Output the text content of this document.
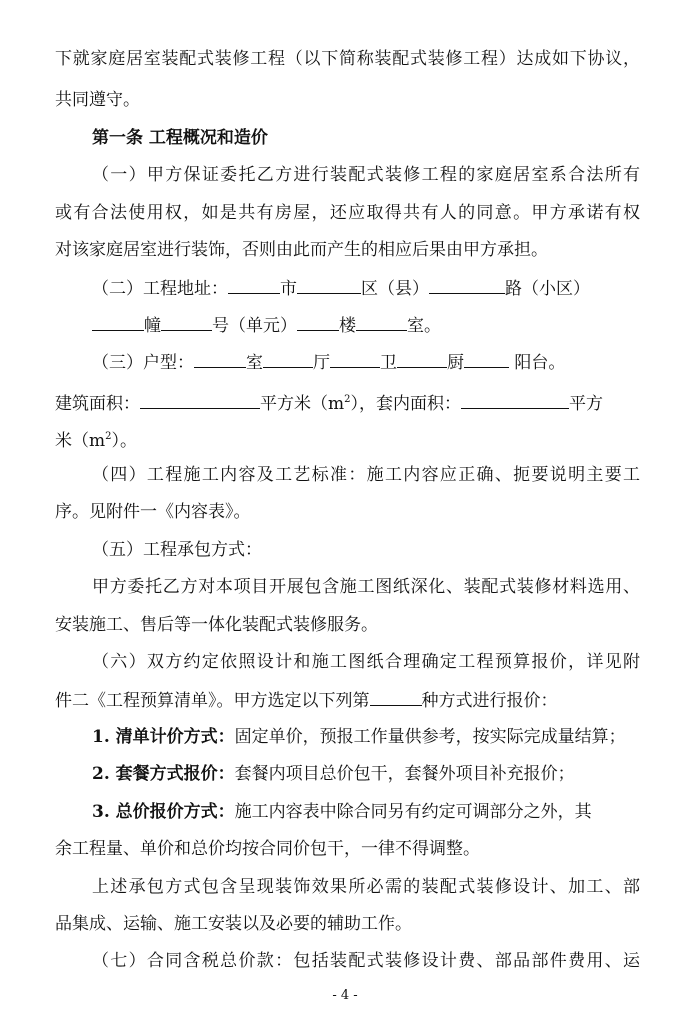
下就家庭居室装配式装修工程（以下简称装配式装修工程）达成如下协议，
共同遵守。
第一条 工程概况和造价
（一）甲方保证委托乙方进行装配式装修工程的家庭居室系合法所有
或有合法使用权，如是共有房屋，还应取得共有人的同意。甲方承诺有权
对该家庭居室进行装饰，否则由此而产生的相应后果由甲方承担。
（二）工程地址：	市	区（县）	路（小区）
幢	号（单元） 楼	室。
（三）户型：	室	厅	卫	厨	阳台。
建筑面积：	平方米$(m^2)$，套内面积：	平方
米$(m^2)$。
（四）工程施工内容及工艺标准：施工内容应正确、扼要说明主要工
序。见附件一《内容表》。
（五）工程承包方式：
甲方委托乙方对本项目开展包含施工图纸深化、装配式装修材料选用、
安装施工、售后等一体化装配式装修服务。
（六）双方约定依照设计和施工图纸合理确定工程预算报价，详见附
件二《工程预算清单》。甲方选定以下列第	种方式进行报价：
1. 清单计价方式：固定单价，预报工作量供参考，按实际完成量结算；
2. 套餐方式报价：套餐内项目总价包干，套餐外项目补充报价；
3. 总价报价方式：施工内容表中除合同另有约定可调部分之外，其
余工程量、单价和总价均按合同价包干，一律不得调整。
上述承包方式包含呈现装饰效果所必需的装配式装修设计、加工、部
品集成、运输、施工安装以及必要的辅助工作。
（七）合同含税总价款：包括装配式装修设计费、部品部件费用、运
- 4 -
